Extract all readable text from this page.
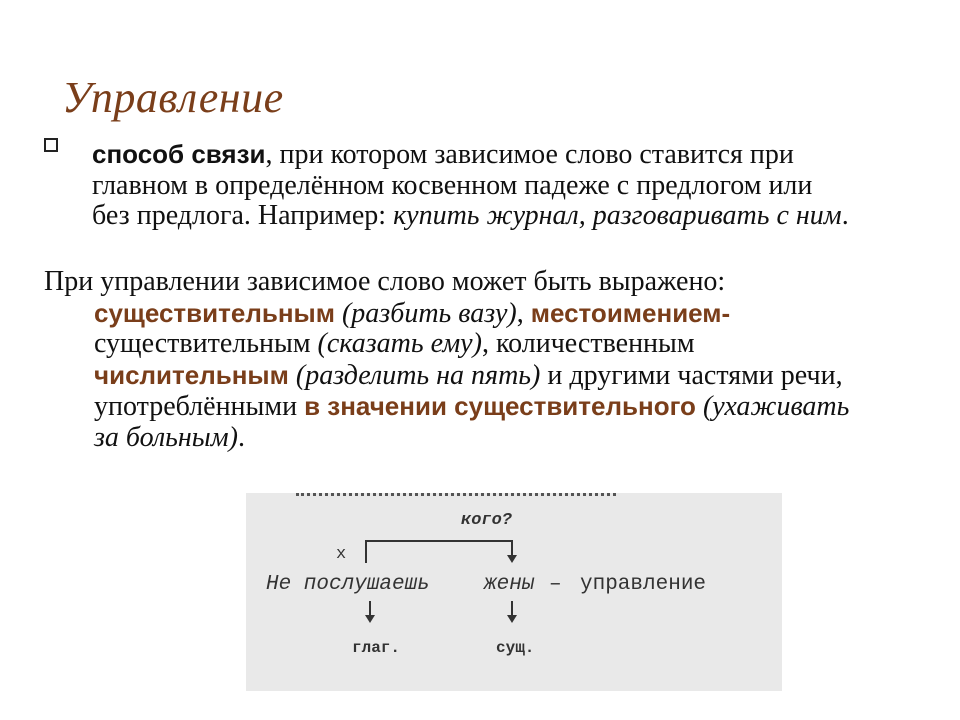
Управление
способ связи, при котором зависимое слово ставится при главном в определённом косвенном падеже с предлогом или без предлога. Например: купить журнал, разговаривать с ним.
При управлении зависимое слово может быть выражено:
существительным (разбить вазу), местоимением- существительным (сказать ему), количественным числительным (разделить на пять) и другими частями речи, употреблёнными в значении существительного (ухаживать за больным).
кого?
x
Не послушаешь	жены – управление
глаг.	сущ.
